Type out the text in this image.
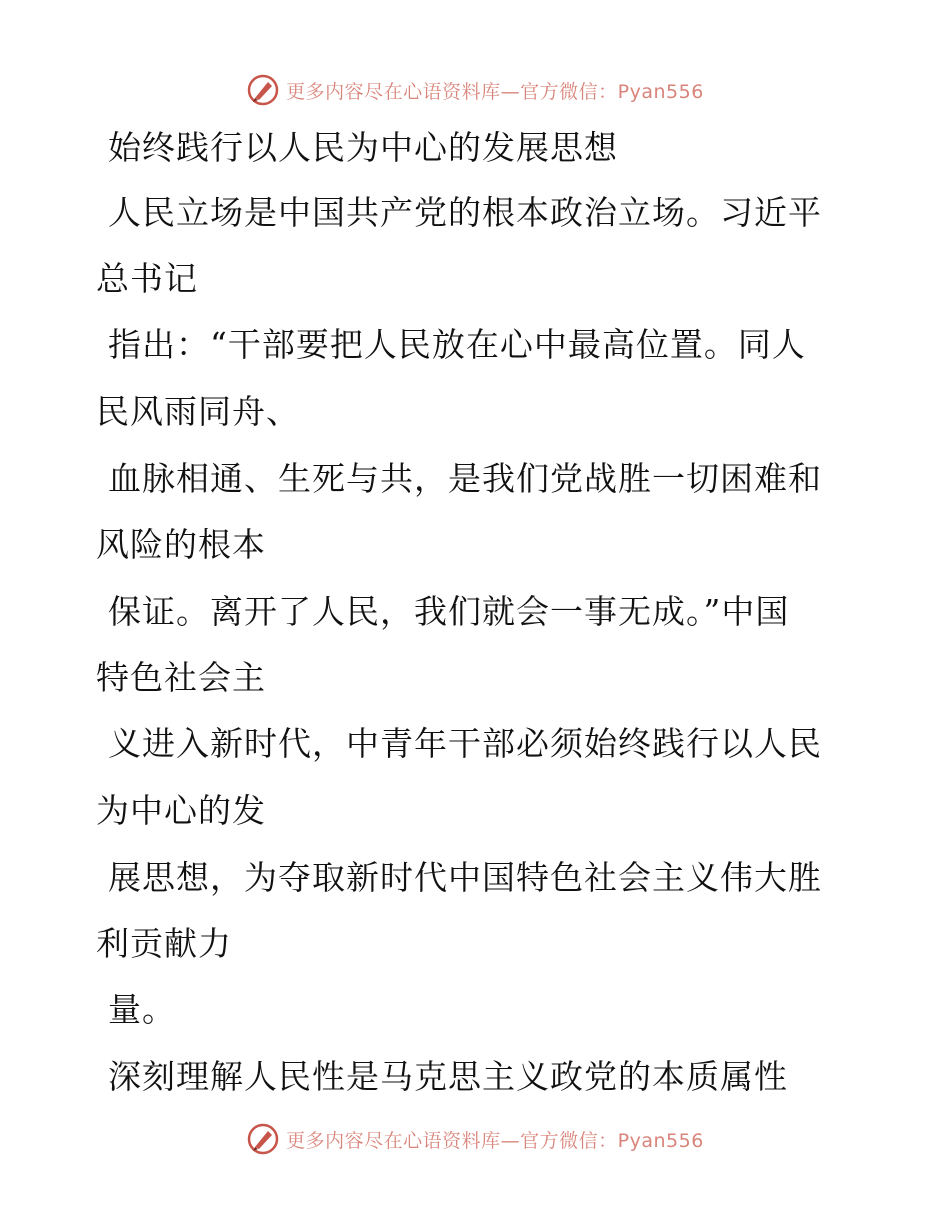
更多内容尽在心语资料库—官方微信：Pyan556
始终践行以人民为中心的发展思想
人民立场是中国共产党的根本政治立场。习近平
总书记
指出：“干部要把人民放在心中最高位置。同人
民风雨同舟、
血脉相通、生死与共，是我们党战胜一切困难和
风险的根本
保证。离开了人民，我们就会一事无成。”中国
特色社会主
义进入新时代，中青年干部必须始终践行以人民
为中心的发
展思想，为夺取新时代中国特色社会主义伟大胜
利贡献力
量。
深刻理解人民性是马克思主义政党的本质属性
更多内容尽在心语资料库—官方微信：Pyan556
